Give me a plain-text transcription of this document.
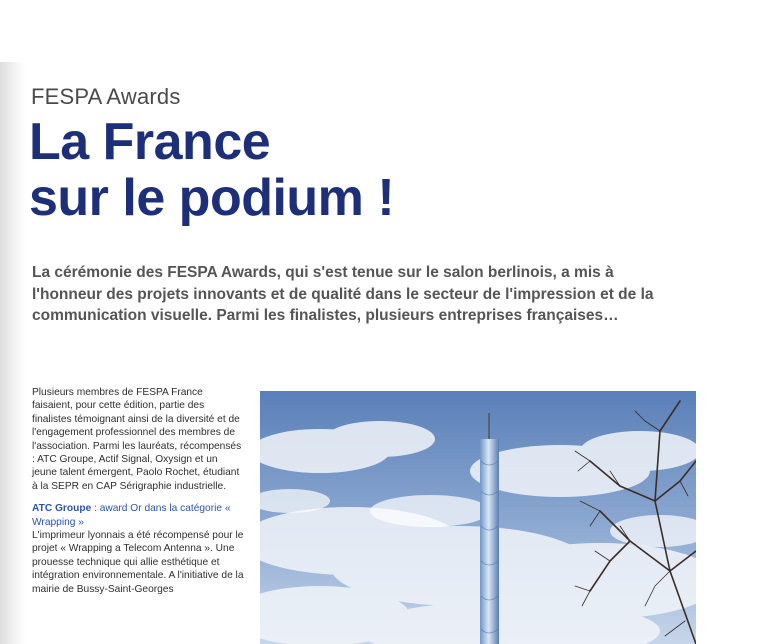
FESPA Awards
La France
sur le podium !

La cérémonie des FESPA Awards, qui s'est tenue sur le salon berlinois, a mis à l'honneur des projets innovants et de qualité dans le secteur de l'impression et de la communication visuelle. Parmi les finalistes, plusieurs entreprises françaises…

Plusieurs membres de FESPA France faisaient, pour cette édition, partie des finalistes témoignant ainsi de la diversité et de l'engagement professionnel des membres de l'association. Parmi les lauréats, récompensés : ATC Groupe, Actif Signal, Oxysign et un jeune talent émergent, Paolo Rochet, étudiant à la SEPR en CAP Sérigraphie industrielle.

ATC Groupe : award Or dans la catégorie « Wrapping »

L'imprimeur lyonnais a été récompensé pour le projet « Wrapping a Telecom Antenna ». Une prouesse technique qui allie esthétique et intégration environnementale. A l'initiative de la mairie de Bussy-Saint-Georges
